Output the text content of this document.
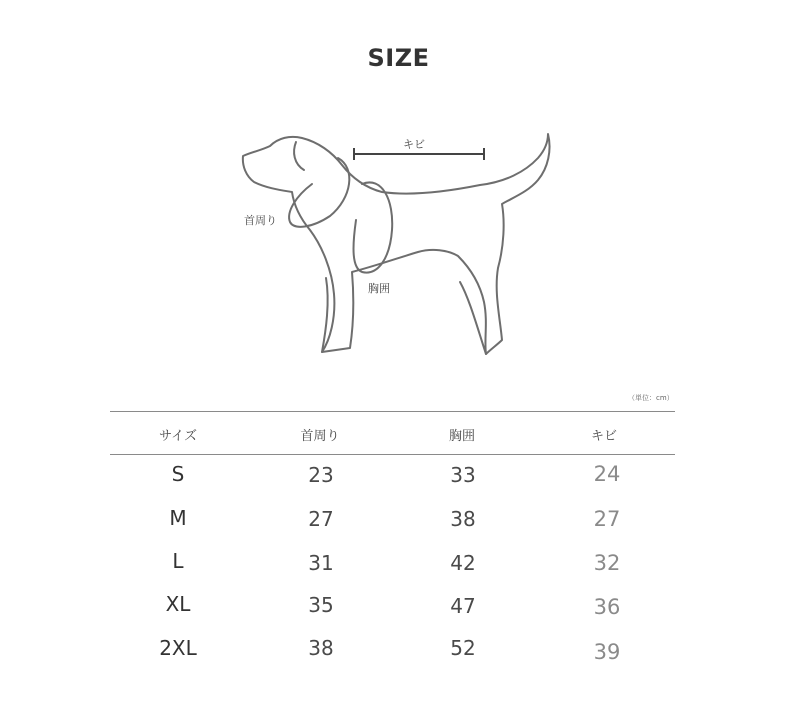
SIZE
キビ
首周り
胸囲
（単位：cm）
サイズ	首周り	胸囲	キビ
S	23	33	24
M	27	38	27
L	31	42	32
XL	35	47	36
2XL	38	52	39
